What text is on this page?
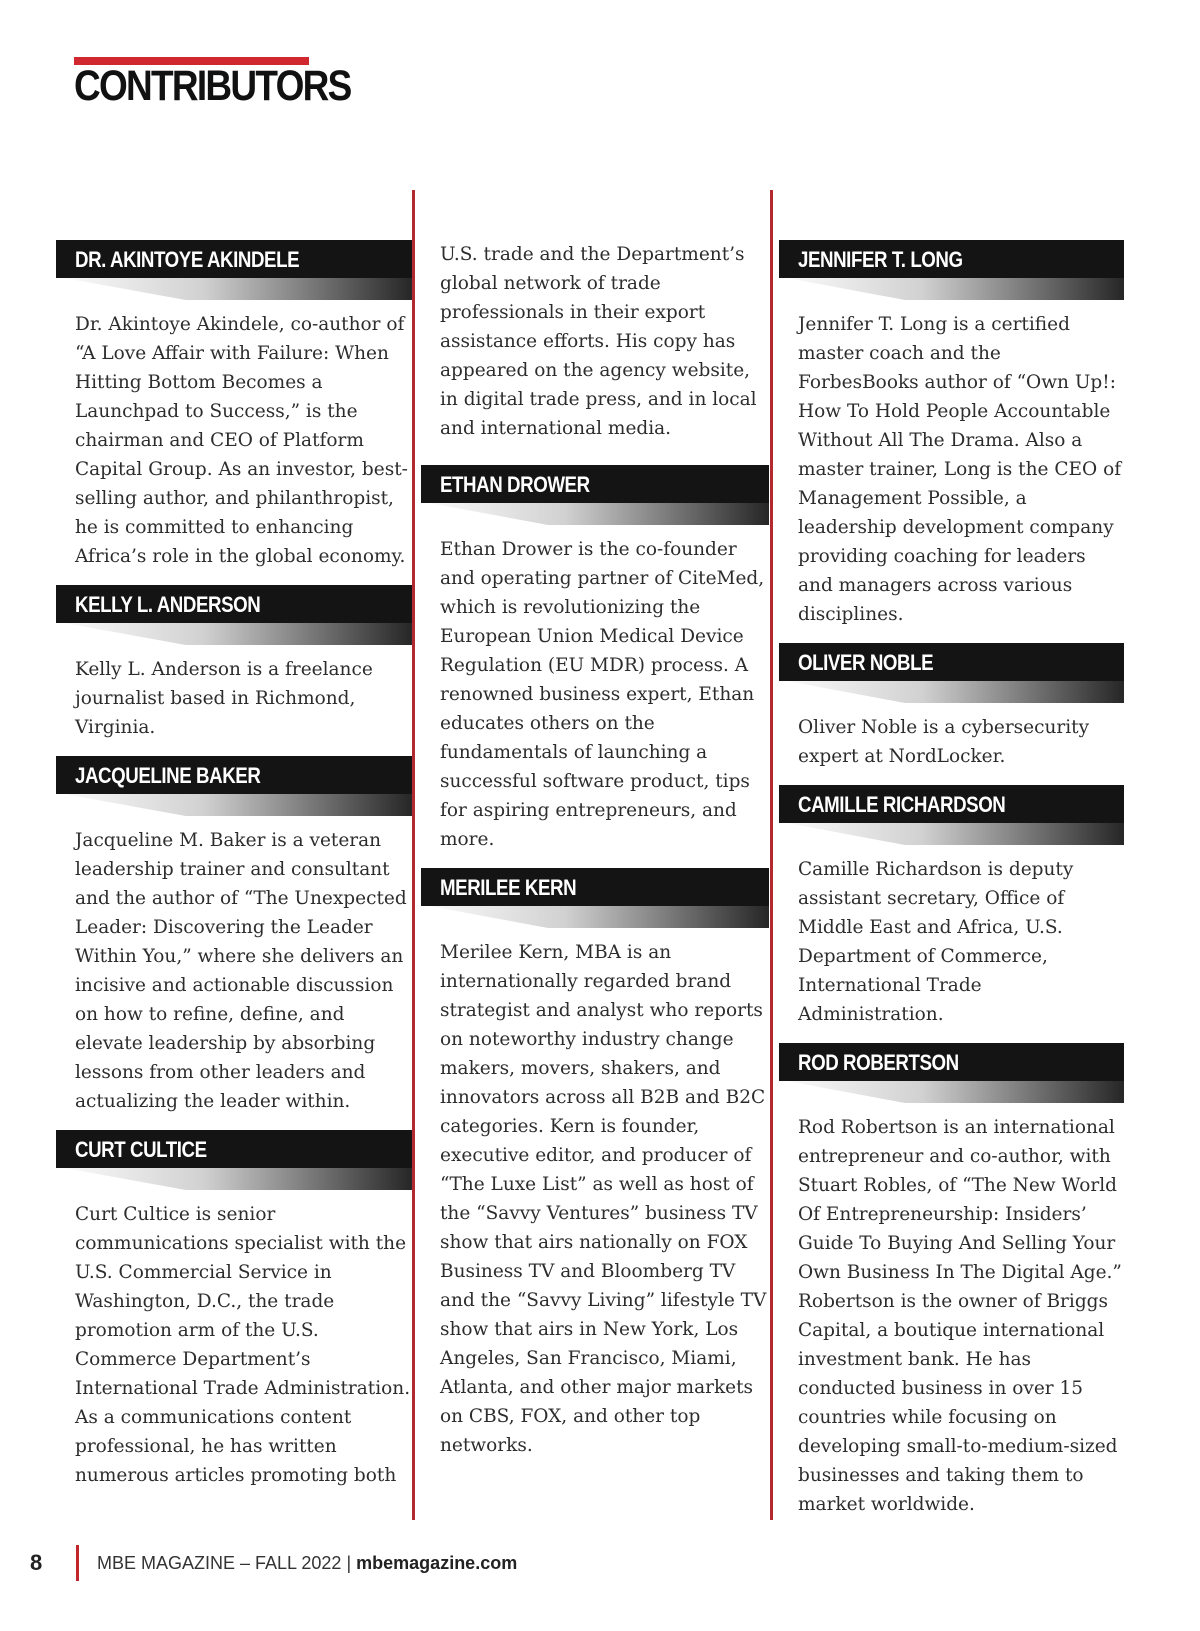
CONTRIBUTORS
DR. AKINTOYE AKINDELE

Dr. Akintoye Akindele, co-author of “A Love Affair with Failure: When Hitting Bottom Becomes a Launchpad to Success,” is the chairman and CEO of Platform Capital Group. As an investor, best-selling author, and philanthropist, he is committed to enhancing Africa’s role in the global economy.

KELLY L. ANDERSON

Kelly L. Anderson is a freelance journalist based in Richmond, Virginia.

JACQUELINE BAKER

Jacqueline M. Baker is a veteran leadership trainer and consultant and the author of “The Unexpected Leader: Discovering the Leader Within You,” where she delivers an incisive and actionable discussion on how to refine, define, and elevate leadership by absorbing lessons from other leaders and actualizing the leader within.

CURT CULTICE

Curt Cultice is senior communications specialist with the U.S. Commercial Service in Washington, D.C., the trade promotion arm of the U.S. Commerce Department’s International Trade Administration. As a communications content professional, he has written numerous articles promoting both

U.S. trade and the Department’s global network of trade professionals in their export assistance efforts. His copy has appeared on the agency website, in digital trade press, and in local and international media.

ETHAN DROWER

Ethan Drower is the co-founder and operating partner of CiteMed, which is revolutionizing the European Union Medical Device Regulation (EU MDR) process. A renowned business expert, Ethan educates others on the fundamentals of launching a successful software product, tips for aspiring entrepreneurs, and more.

MERILEE KERN

Merilee Kern, MBA is an internationally regarded brand strategist and analyst who reports on noteworthy industry change makers, movers, shakers, and innovators across all B2B and B2C categories. Kern is founder, executive editor, and producer of “The Luxe List” as well as host of the “Savvy Ventures” business TV show that airs nationally on FOX Business TV and Bloomberg TV and the “Savvy Living” lifestyle TV show that airs in New York, Los Angeles, San Francisco, Miami, Atlanta, and other major markets on CBS, FOX, and other top networks.

JENNIFER T. LONG

Jennifer T. Long is a certified master coach and the ForbesBooks author of “Own Up!: How To Hold People Accountable Without All The Drama. Also a master trainer, Long is the CEO of Management Possible, a leadership development company providing coaching for leaders and managers across various disciplines.

OLIVER NOBLE

Oliver Noble is a cybersecurity expert at NordLocker.

CAMILLE RICHARDSON

Camille Richardson is deputy assistant secretary, Office of Middle East and Africa, U.S. Department of Commerce, International Trade Administration.

ROD ROBERTSON

Rod Robertson is an international entrepreneur and co-author, with Stuart Robles, of “The New World Of Entrepreneurship: Insiders’ Guide To Buying And Selling Your Own Business In The Digital Age.” Robertson is the owner of Briggs Capital, a boutique international investment bank. He has conducted business in over 15 countries while focusing on developing small-to-medium-sized businesses and taking them to market worldwide.

8	MBE MAGAZINE – FALL 2022 | mbemagazine.com
